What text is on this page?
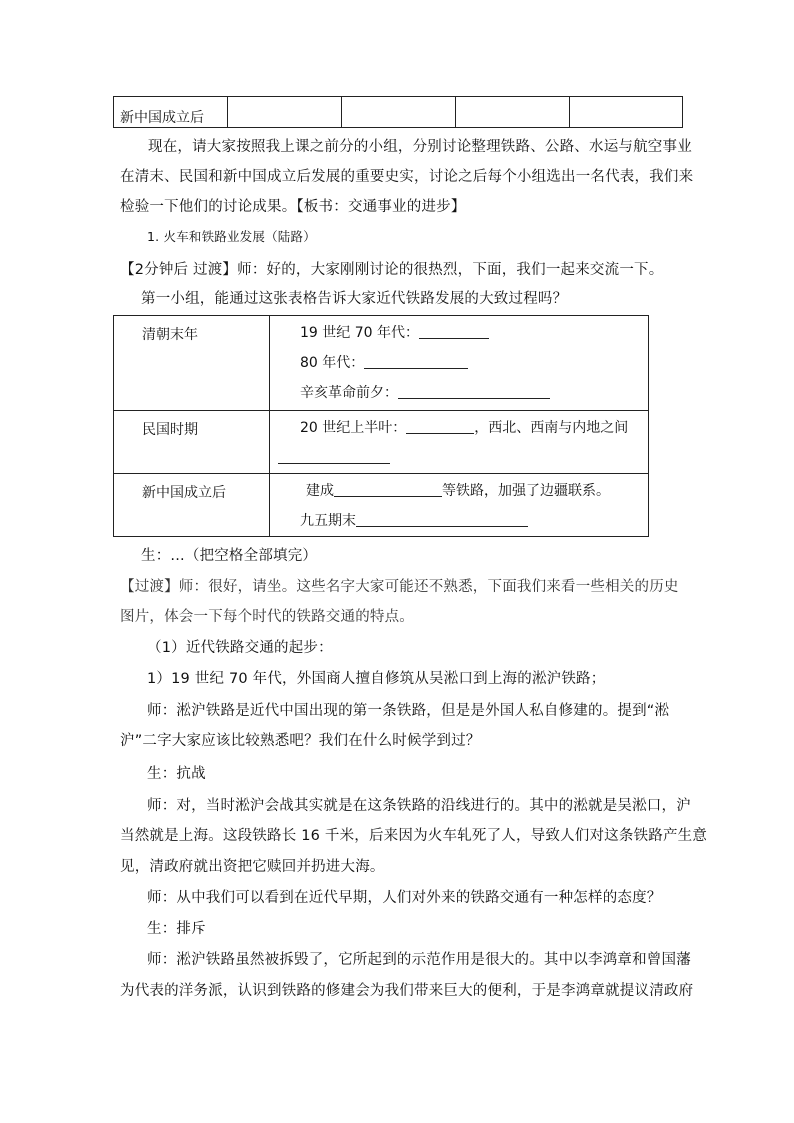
新中国成立后				
现在，请大家按照我上课之前分的小组，分别讨论整理铁路、公路、水运与航空事业
在清末、民国和新中国成立后发展的重要史实，讨论之后每个小组选出一名代表，我们来
检验一下他们的讨论成果。【板书：交通事业的进步】
1. 火车和铁路业发展（陆路）
【2分钟后 过渡】师：好的，大家刚刚讨论的很热烈，下面，我们一起来交流一下。
第一小组，能通过这张表格告诉大家近代铁路发展的大致过程吗？
清朝末年	19 世纪 70 年代：
80 年代：
辛亥革命前夕：

民国时期	20 世纪上半叶： ，西北、西南与内地之间

新中国成立后	建成 等铁路，加强了边疆联系。
九五期末
生：...（把空格全部填完）
【过渡】师：很好，请坐。这些名字大家可能还不熟悉，下面我们来看一些相关的历史
图片，体会一下每个时代的铁路交通的特点。
（1）近代铁路交通的起步：
1）19 世纪 70 年代，外国商人擅自修筑从吴淞口到上海的淞沪铁路；
师：淞沪铁路是近代中国出现的第一条铁路，但是是外国人私自修建的。提到“淞
沪”二字大家应该比较熟悉吧？我们在什么时候学到过？
生：抗战
师：对，当时淞沪会战其实就是在这条铁路的沿线进行的。其中的淞就是吴淞口，沪
当然就是上海。这段铁路长 16 千米，后来因为火车轧死了人，导致人们对这条铁路产生意
见，清政府就出资把它赎回并扔进大海。
师：从中我们可以看到在近代早期，人们对外来的铁路交通有一种怎样的态度？
生：排斥
师：淞沪铁路虽然被拆毁了，它所起到的示范作用是很大的。其中以李鸿章和曾国藩
为代表的洋务派，认识到铁路的修建会为我们带来巨大的便利，于是李鸿章就提议清政府
